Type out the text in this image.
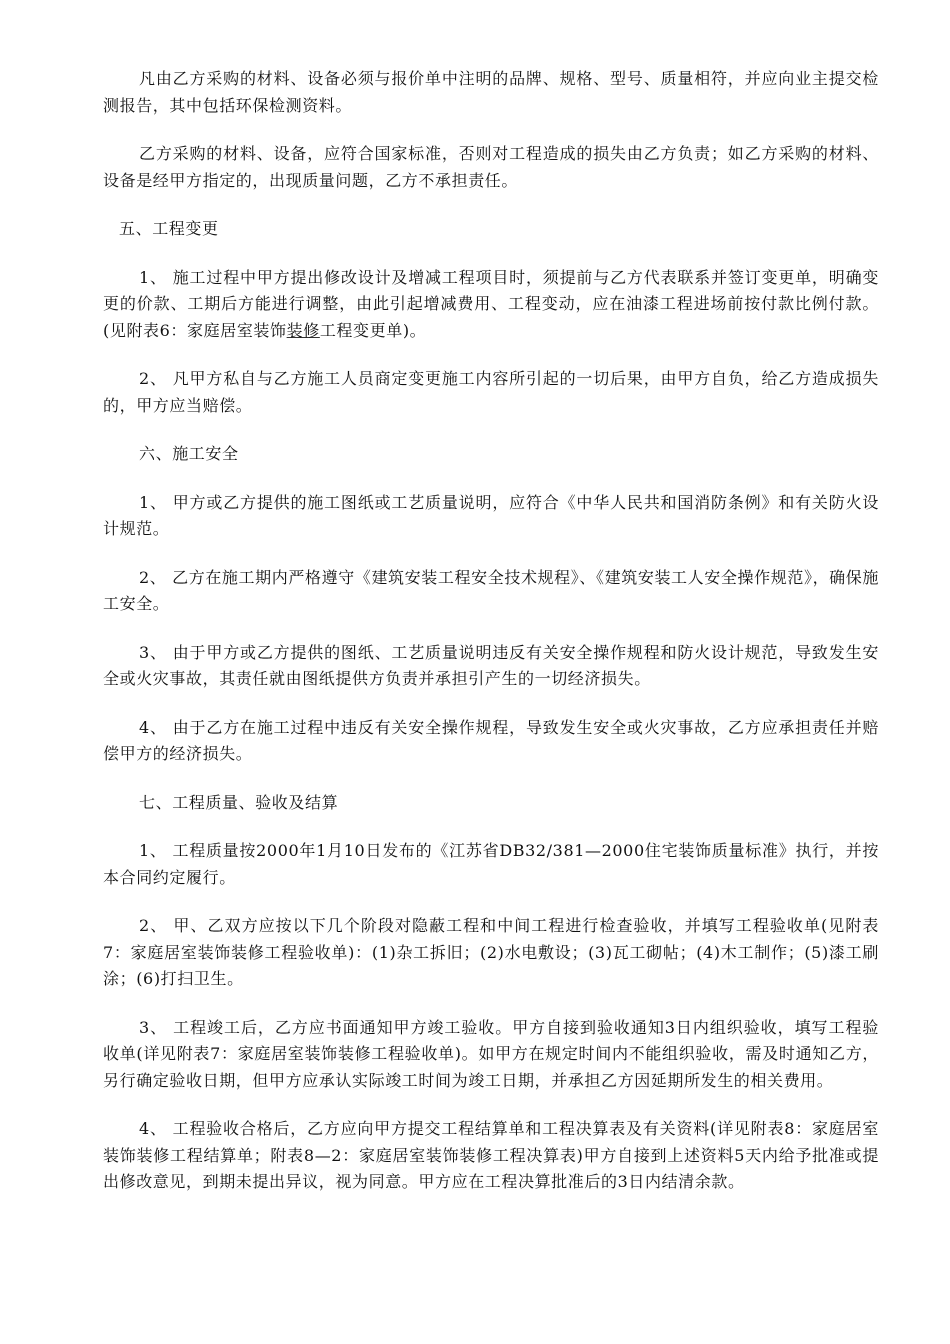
凡由乙方采购的材料、设备必须与报价单中注明的品牌、规格、型号、质量相符，并应向业主提交检测报告，其中包括环保检测资料。

乙方采购的材料、设备，应符合国家标准，否则对工程造成的损失由乙方负责；如乙方采购的材料、设备是经甲方指定的，出现质量问题，乙方不承担责任。

五、工程变更

1、 施工过程中甲方提出修改设计及增减工程项目时，须提前与乙方代表联系并签订变更单，明确变更的价款、工期后方能进行调整，由此引起增减费用、工程变动，应在油漆工程进场前按付款比例付款。(见附表6：家庭居室装饰装修工程变更单)。

2、 凡甲方私自与乙方施工人员商定变更施工内容所引起的一切后果，由甲方自负，给乙方造成损失的，甲方应当赔偿。

六、施工安全

1、 甲方或乙方提供的施工图纸或工艺质量说明，应符合《中华人民共和国消防条例》和有关防火设计规范。

2、 乙方在施工期内严格遵守《建筑安装工程安全技术规程》、《建筑安装工人安全操作规范》，确保施工安全。

3、 由于甲方或乙方提供的图纸、工艺质量说明违反有关安全操作规程和防火设计规范，导致发生安全或火灾事故，其责任就由图纸提供方负责并承担引产生的一切经济损失。

4、 由于乙方在施工过程中违反有关安全操作规程，导致发生安全或火灾事故，乙方应承担责任并赔偿甲方的经济损失。

七、工程质量、验收及结算

1、 工程质量按2000年1月10日发布的《江苏省DB32/381—2000住宅装饰质量标准》执行，并按本合同约定履行。

2、 甲、乙双方应按以下几个阶段对隐蔽工程和中间工程进行检查验收，并填写工程验收单(见附表7：家庭居室装饰装修工程验收单)：(1)杂工拆旧；(2)水电敷设；(3)瓦工砌帖；(4)木工制作；(5)漆工刷涂；(6)打扫卫生。

3、 工程竣工后，乙方应书面通知甲方竣工验收。甲方自接到验收通知3日内组织验收，填写工程验收单(详见附表7：家庭居室装饰装修工程验收单)。如甲方在规定时间内不能组织验收，需及时通知乙方，另行确定验收日期，但甲方应承认实际竣工时间为竣工日期，并承担乙方因延期所发生的相关费用。

4、 工程验收合格后，乙方应向甲方提交工程结算单和工程决算表及有关资料(详见附表8：家庭居室装饰装修工程结算单；附表8—2：家庭居室装饰装修工程决算表)甲方自接到上述资料5天内给予批准或提出修改意见，到期未提出异议，视为同意。甲方应在工程决算批准后的3日内结清余款。
